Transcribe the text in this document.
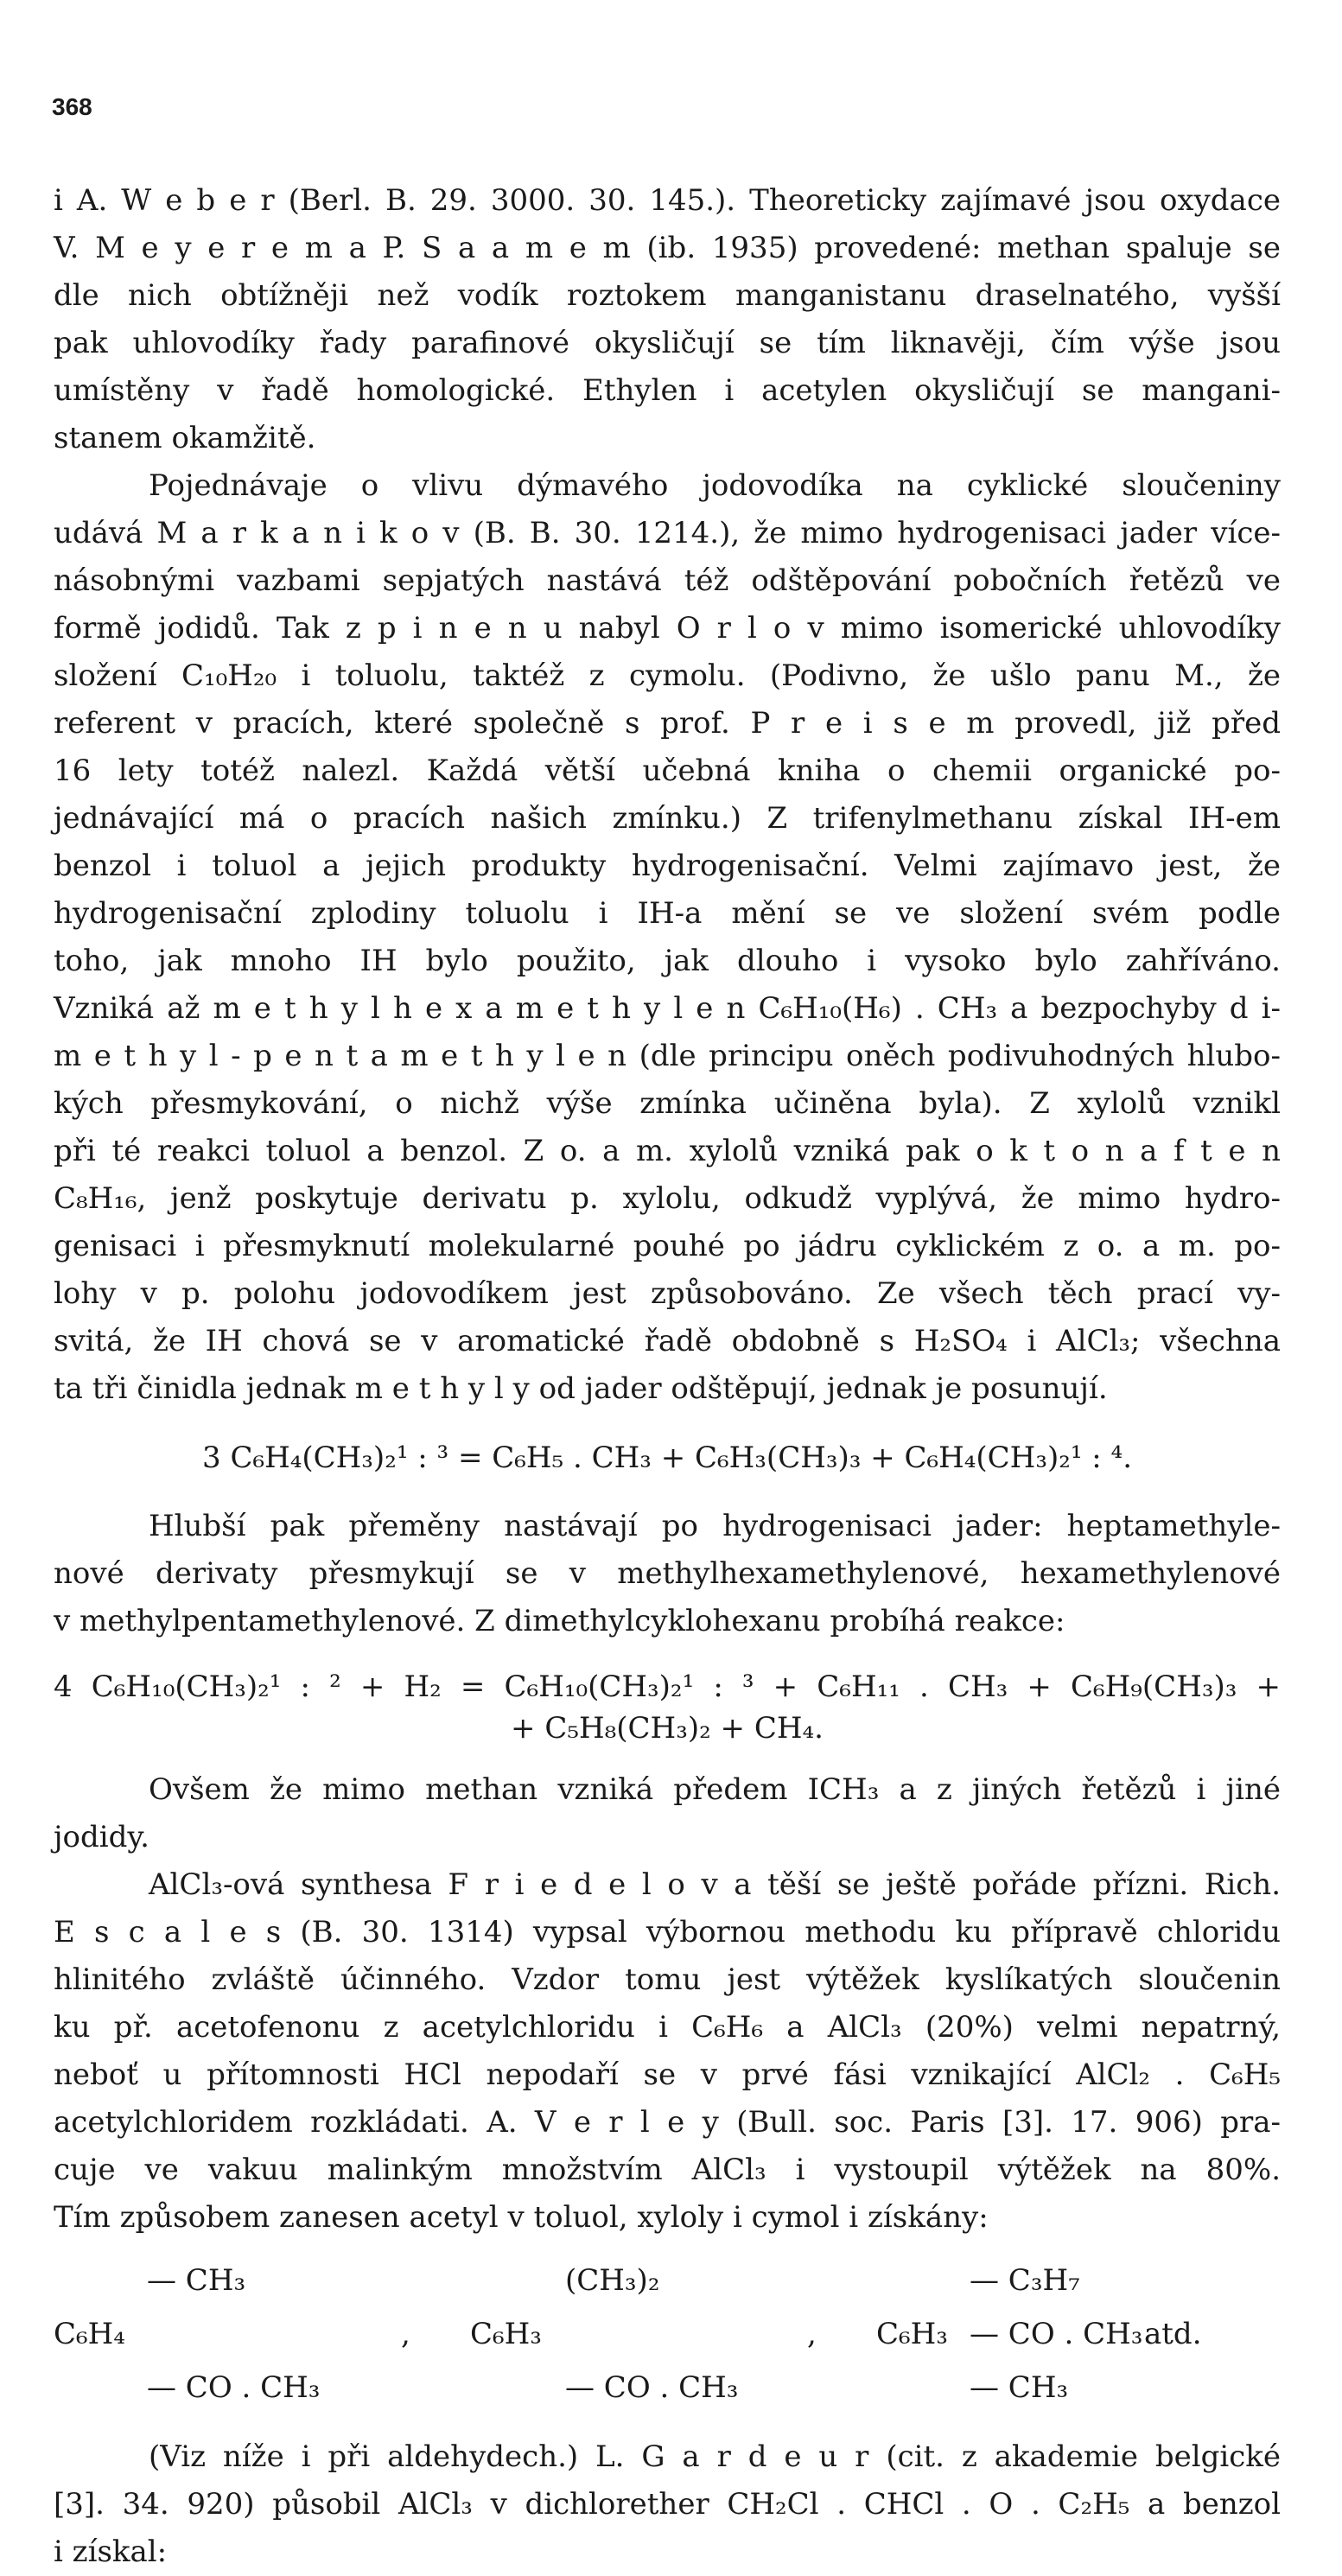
368
i A. W e b e r (Berl. B. 29. 3000. 30. 145.). Theoreticky zajímavé jsou oxydace
V. M e y e r e m a P. S a a m e m (ib. 1935) provedené: methan spaluje se
dle nich obtížněji než vodík roztokem manganistanu draselnatého, vyšší
pak uhlovodíky řady parafinové okysličují se tím liknavěji, čím výše jsou
umístěny v řadě homologické. Ethylen i acetylen okysličují se mangani-
stanem okamžitě.
Pojednávaje o vlivu dýmavého jodovodíka na cyklické sloučeniny
udává M a r k a n i k o v (B. B. 30. 1214.), že mimo hydrogenisaci jader více-
násobnými vazbami sepjatých nastává též odštěpování pobočních řetězů ve
formě jodidů. Tak z p i n e n u nabyl O r l o v mimo isomerické uhlovodíky
složení C₁₀H₂₀ i toluolu, taktéž z cymolu. (Podivno, že ušlo panu M., že
referent v pracích, které společně s prof. P r e i s e m provedl, již před
16 lety totéž nalezl. Každá větší učebná kniha o chemii organické po-
jednávající má o pracích našich zmínku.) Z trifenylmethanu získal IH-em
benzol i toluol a jejich produkty hydrogenisační. Velmi zajímavo jest, že
hydrogenisační zplodiny toluolu i IH-a mění se ve složení svém podle
toho, jak mnoho IH bylo použito, jak dlouho i vysoko bylo zahříváno.
Vzniká až m e t h y l h e x a m e t h y l e n C₆H₁₀(H₆) . CH₃ a bezpochyby d i-
m e t h y l - p e n t a m e t h y l e n (dle principu oněch podivuhodných hlubo-
kých přesmykování, o nichž výše zmínka učiněna byla). Z xylolů vznikl
při té reakci toluol a benzol. Z o. a m. xylolů vzniká pak o k t o n a f t e n
C₈H₁₆, jenž poskytuje derivatu p. xylolu, odkudž vyplývá, že mimo hydro-
genisaci i přesmyknutí molekularné pouhé po jádru cyklickém z o. a m. po-
lohy v p. polohu jodovodíkem jest způsobováno. Ze všech těch prací vy-
svitá, že IH chová se v aromatické řadě obdobně s H₂SO₄ i AlCl₃; všechna
ta tři činidla jednak m e t h y l y od jader odštěpují, jednak je posunují.
3 C₆H₄(CH₃)₂¹ : ³ = C₆H₅ . CH₃ + C₆H₃(CH₃)₃ + C₆H₄(CH₃)₂¹ : ⁴.
Hlubší pak přeměny nastávají po hydrogenisaci jader: heptamethyle-
nové derivaty přesmykují se v methylhexamethylenové, hexamethylenové
v methylpentamethylenové. Z dimethylcyklohexanu probíhá reakce:
4 C₆H₁₀(CH₃)₂¹ : ² + H₂ = C₆H₁₀(CH₃)₂¹ : ³ + C₆H₁₁ . CH₃ + C₆H₉(CH₃)₃ +
+ C₅H₈(CH₃)₂ + CH₄.
Ovšem že mimo methan vzniká předem ICH₃ a z jiných řetězů i jiné
jodidy.
AlCl₃-ová synthesa F r i e d e l o v a těší se ještě pořáde přízni. Rich.
E s c a l e s (B. 30. 1314) vypsal výbornou methodu ku přípravě chloridu
hlinitého zvláště účinného. Vzdor tomu jest výtěžek kyslíkatých sloučenin
ku př. acetofenonu z acetylchloridu i C₆H₆ a AlCl₃ (20%) velmi nepatrný,
neboť u přítomnosti HCl nepodaří se v prvé fási vznikající AlCl₂ . C₆H₅
acetylchloridem rozkládati. A. V e r l e y (Bull. soc. Paris [3]. 17. 906) pra-
cuje ve vakuu malinkým množstvím AlCl₃ i vystoupil výtěžek na 80%.
Tím způsobem zanesen acetyl v toluol, xyloly i cymol i získány:
— CH₃
C₆H₄
— CO . CH₃
,
(CH₃)₂
C₆H₃
— CO . CH₃
,
— C₃H₇
C₆H₃ — CO . CH₃ atd.
— CH₃
(Viz níže i při aldehydech.) L. G a r d e u r (cit. z akademie belgické
[3]. 34. 920) působil AlCl₃ v dichlorether CH₂Cl . CHCl . O . C₂H₅ a benzol
i získal:
